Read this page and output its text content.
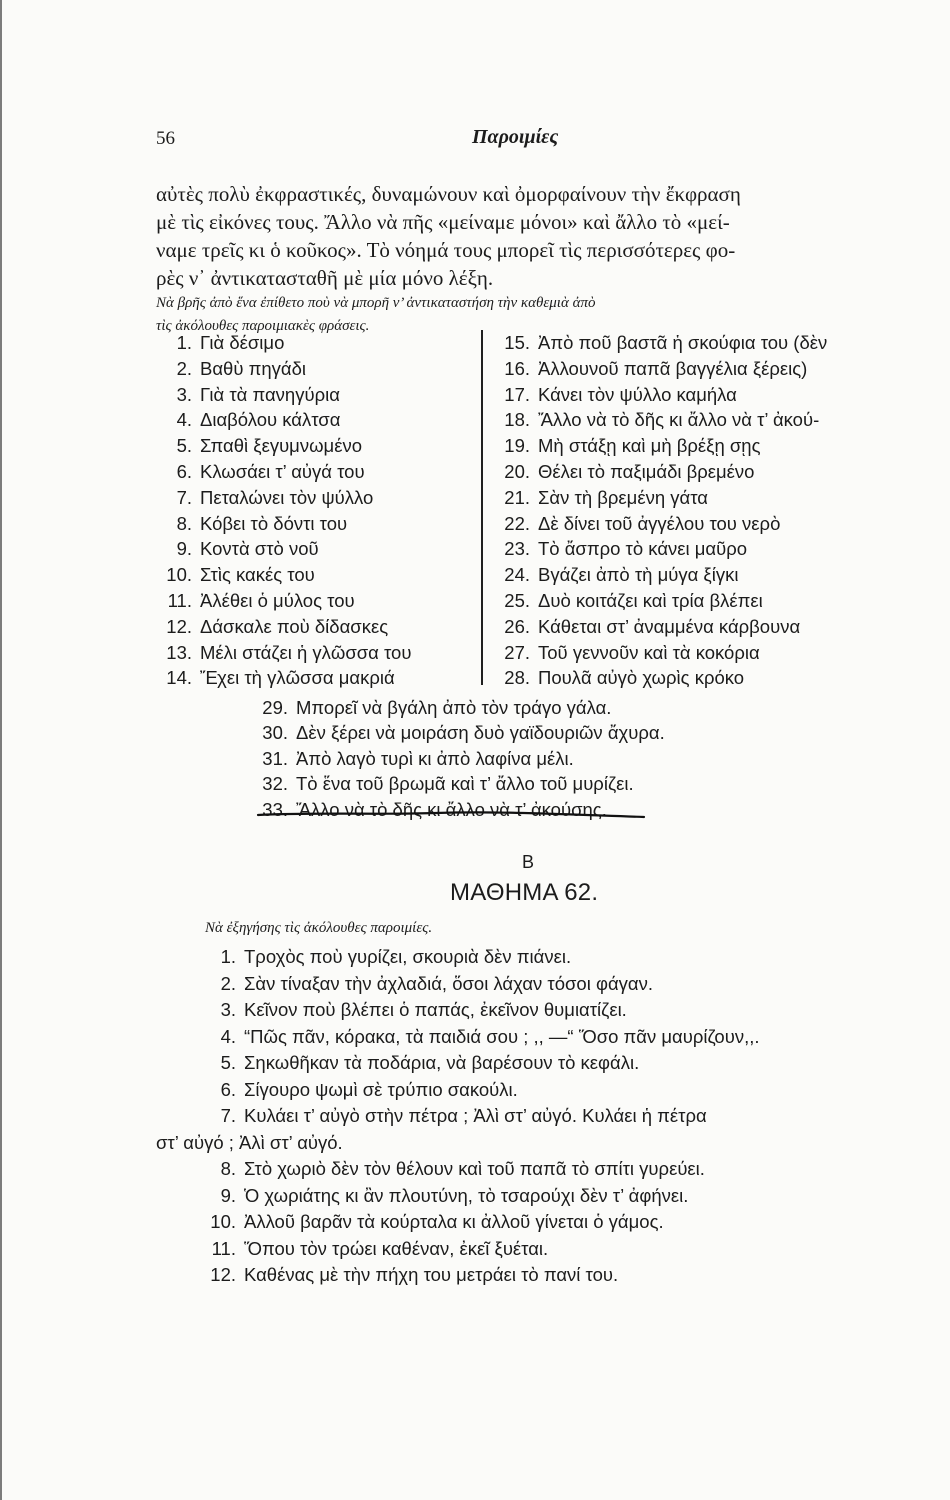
56	Παροιμίες
αὐτὲς πολὺ ἐκφραστικές, δυναμώνουν καὶ ὀμορφαίνουν τὴν ἔκφραση
μὲ τὶς εἰκόνες τους. Ἄλλο νὰ πῆς «μείναμε μόνοι» καὶ ἄλλο τὸ «μεί-
ναμε τρεῖς κι ὁ κοῦκος». Τὸ νόημά τους μπορεῖ τὶς περισσότερες φο-
ρὲς ν᾽ ἀντικατασταθῆ μὲ μία μόνο λέξη.
Νὰ βρῆς ἀπὸ ἕνα ἐπίθετο ποὺ νὰ μπορῆ ν’ ἀντικαταστήση τὴν καθεμιὰ ἀπὸ
τὶς ἀκόλουθες παροιμιακὲς φράσεις.
1. Γιὰ δέσιμο
2. Βαθὺ πηγάδι
3. Γιὰ τὰ πανηγύρια
4. Διαβόλου κάλτσα
5. Σπαθὶ ξεγυμνωμένο
6. Κλωσάει τ’ αὐγά του
7. Πεταλώνει τὸν ψύλλο
8. Κόβει τὸ δόντι του
9. Κοντὰ στὸ νοῦ
10. Στὶς κακές του
11. Ἀλέθει ὁ μύλος του
12. Δάσκαλε ποὺ δίδασκες
13. Μέλι στάζει ἡ γλῶσσα του
14. Ἔχει τὴ γλῶσσα μακριά
15. Ἀπὸ ποῦ βαστᾶ ἡ σκούφια του (δὲν
16. Ἀλλουνοῦ παπᾶ βαγγέλια ξέρεις)
17. Κάνει τὸν ψύλλο καμήλα
18. Ἄλλο νὰ τὸ δῆς κι ἄλλο νὰ τ’ ἀκού-
19. Μὴ στάξῃ καὶ μὴ βρέξῃ σῃς
20. Θέλει τὸ παξιμάδι βρεμένο
21. Σὰν τὴ βρεμένη γάτα
22. Δὲ δίνει τοῦ ἀγγέλου του νερὸ
23. Τὸ ἄσπρο τὸ κάνει μαῦρο
24. Βγάζει ἀπὸ τὴ μύγα ξίγκι
25. Δυὸ κοιτάζει καὶ τρία βλέπει
26. Κάθεται στ’ ἀναμμένα κάρβουνα
27. Τοῦ γεννοῦν καὶ τὰ κοκόρια
28. Πουλᾶ αὐγὸ χωρὶς κρόκο
29. Μπορεῖ νὰ βγάλη ἀπὸ τὸν τράγο γάλα.
30. Δὲν ξέρει νὰ μοιράση δυὸ γαϊδουριῶν ἄχυρα.
31. Ἀπὸ λαγὸ τυρὶ κι ἀπὸ λαφίνα μέλι.
32. Τὸ ἕνα τοῦ βρωμᾶ καὶ τ’ ἄλλο τοῦ μυρίζει.
33. Ἄλλο νὰ τὸ δῆς κι ἄλλο νὰ τ’ ἀκούσης.
Β
ΜΑΘΗΜΑ 62.
Νὰ ἐξηγήσης τὶς ἀκόλουθες παροιμίες.
1. Τροχὸς ποὺ γυρίζει, σκουριὰ δὲν πιάνει.
2. Σὰν τίναξαν τὴν ἀχλαδιά, ὅσοι λάχαν τόσοι φάγαν.
3. Κεῖνον ποὺ βλέπει ὁ παπάς, ἐκεῖνον θυμιατίζει.
4. “Πῶς πᾶν, κόρακα, τὰ παιδιά σου ; ,, —“ Ὅσο πᾶν μαυρίζουν,,.
5. Σηκωθῆκαν τὰ ποδάρια, νὰ βαρέσουν τὸ κεφάλι.
6. Σίγουρο ψωμὶ σὲ τρύπιο σακούλι.
7. Κυλάει τ’ αὐγὸ στὴν πέτρα ; Ἀλὶ στ’ αὐγό. Κυλάει ἡ πέτρα
στ’ αὐγό ; Ἀλὶ στ’ αὐγό.
8. Στὸ χωριὸ δὲν τὸν θέλουν καὶ τοῦ παπᾶ τὸ σπίτι γυρεύει.
9. Ὁ χωριάτης κι ἂν πλουτύνη, τὸ τσαρούχι δὲν τ’ ἀφήνει.
10. Ἀλλοῦ βαρᾶν τὰ κούρταλα κι ἀλλοῦ γίνεται ὁ γάμος.
11. Ὅπου τὸν τρώει καθέναν, ἐκεῖ ξυέται.
12. Καθένας μὲ τὴν πήχη του μετράει τὸ πανί του.
